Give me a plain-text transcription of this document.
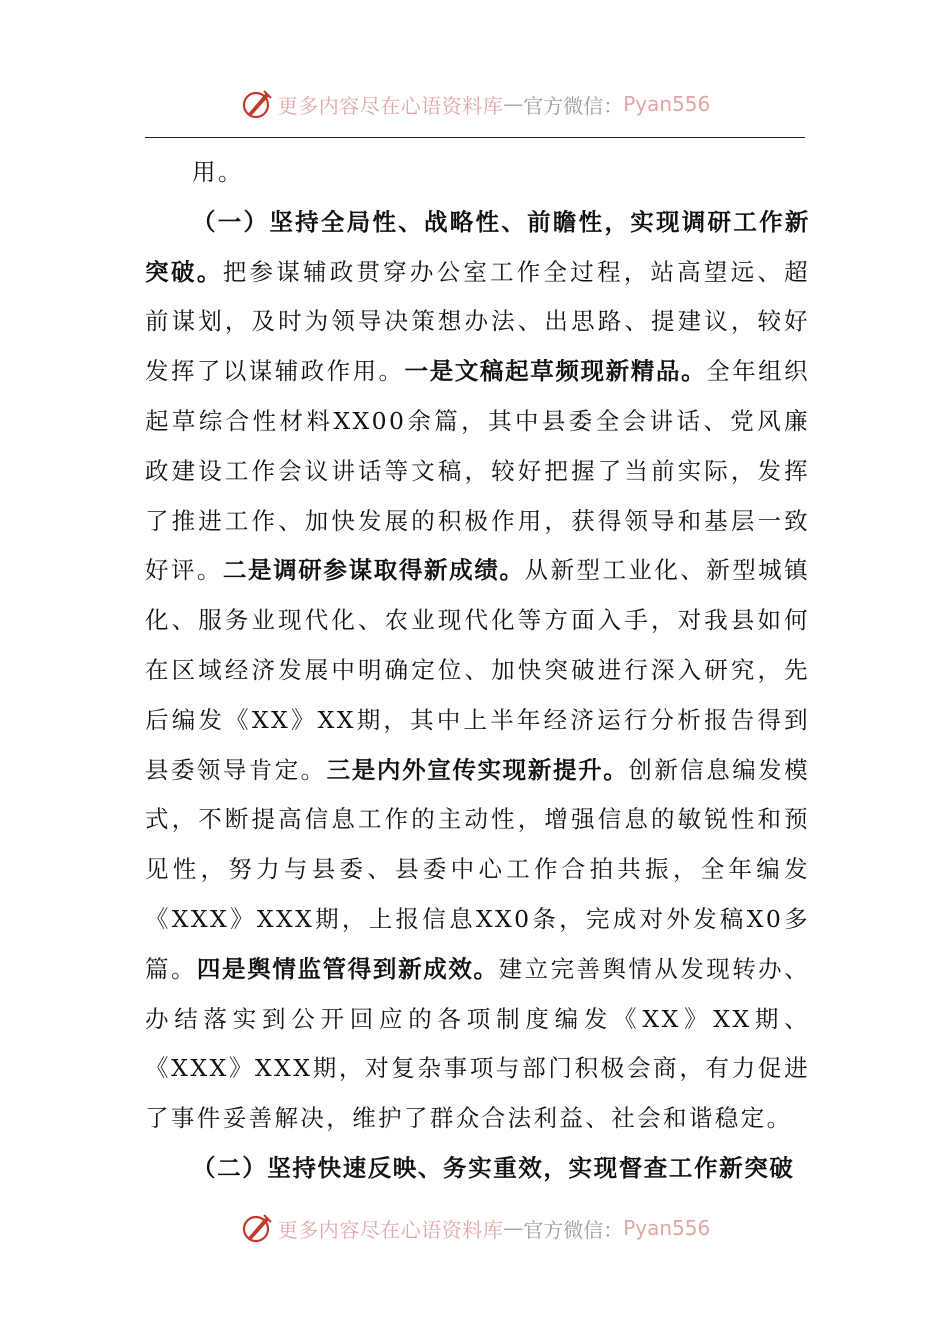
更多内容尽在心语资料库 — 官方微信： Pyan556

用。

（一）坚持全局性、战略性、前瞻性，实现调研工作新突破。把参谋辅政贯穿办公室工作全过程，站高望远、超前谋划，及时为领导决策想办法、出思路、提建议，较好发挥了以谋辅政作用。一是文稿起草频现新精品。全年组织起草综合性材料XX00余篇，其中县委全会讲话、党风廉政建设工作会议讲话等文稿，较好把握了当前实际，发挥了推进工作、加快发展的积极作用，获得领导和基层一致好评。二是调研参谋取得新成绩。从新型工业化、新型城镇化、服务业现代化、农业现代化等方面入手，对我县如何在区域经济发展中明确定位、加快突破进行深入研究，先后编发《XX》XX期，其中上半年经济运行分析报告得到县委领导肯定。三是内外宣传实现新提升。创新信息编发模式，不断提高信息工作的主动性，增强信息的敏锐性和预见性，努力与县委、县委中心工作合拍共振，全年编发《XXX》XXX期，上报信息XX0条，完成对外发稿X0多篇。四是舆情监管得到新成效。建立完善舆情从发现转办、办结落实到公开回应的各项制度编发《XX》XX期、《XXX》XXX期，对复杂事项与部门积极会商，有力促进了事件妥善解决，维护了群众合法利益、社会和谐稳定。

（二）坚持快速反映、务实重效，实现督查工作新突破

更多内容尽在心语资料库 — 官方微信： Pyan556
